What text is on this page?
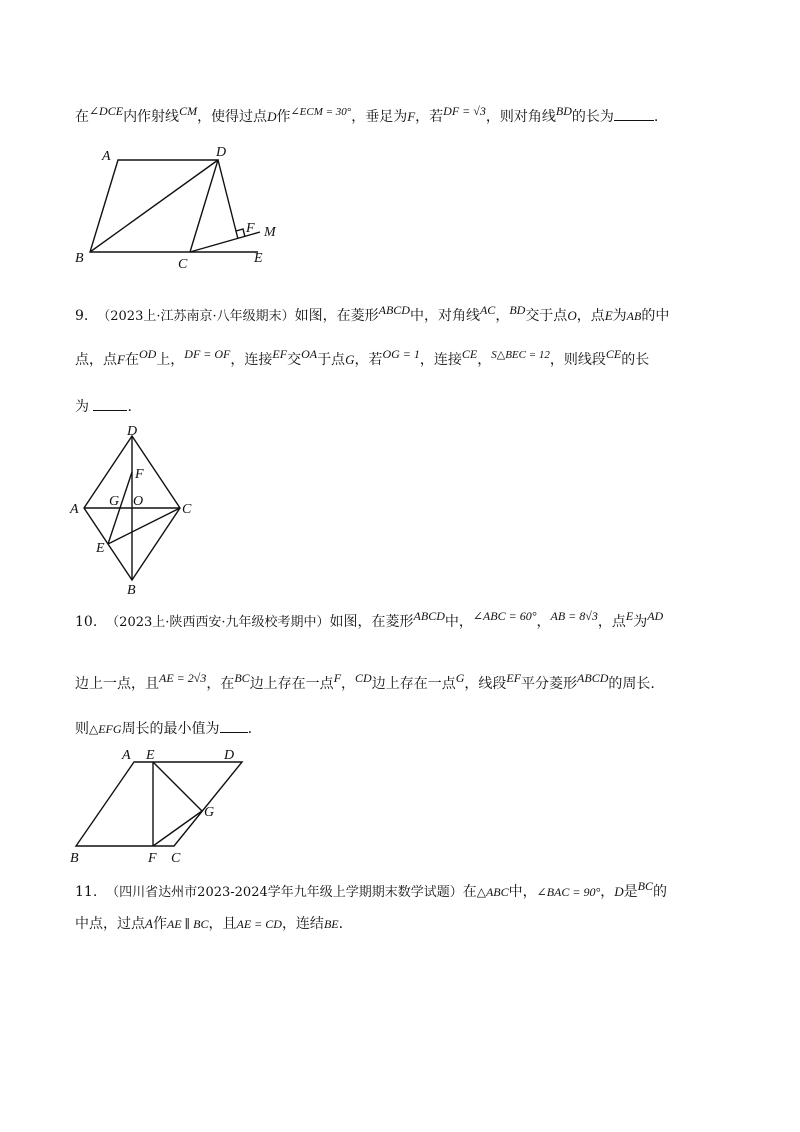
在∠DCE内作射线CM，使得过点D作$^{\angle ECM = 30^\circ}$，垂足为F，若DF = √3，则对角线BD的长为	.
A	D
F M
B	C	E
9. （2023上·江苏南京·八年级期末）如图，在菱形ABCD中，对角线AC，BD交于点O，点E为AB的中
点，点F在OD上，DF = OF，连接EF交OA于点G，若OG = 1，连接CE，$^{S\triangle BEC = 12}$，则线段CE的长
为	.
D
F
G O
A	C
E
B
10. （2023上·陕西西安·九年级校考期中）如图，在菱形ABCD中，∠ABC = 60°，AB = 8√3，点E为AD
边上一点，且AE = 2√3，在BC边上存在一点F，CD边上存在一点G，线段EF平分菱形ABCD的周长.
则△EFG周长的最小值为 .
A E	D
G
B	F C
11. （四川省达州市2023-2024学年九年级上学期期末数学试题）在△ABC中，∠BAC = 90°，D是BC的
中点，过点A作AE ∥ BC，且AE = CD，连结BE.
